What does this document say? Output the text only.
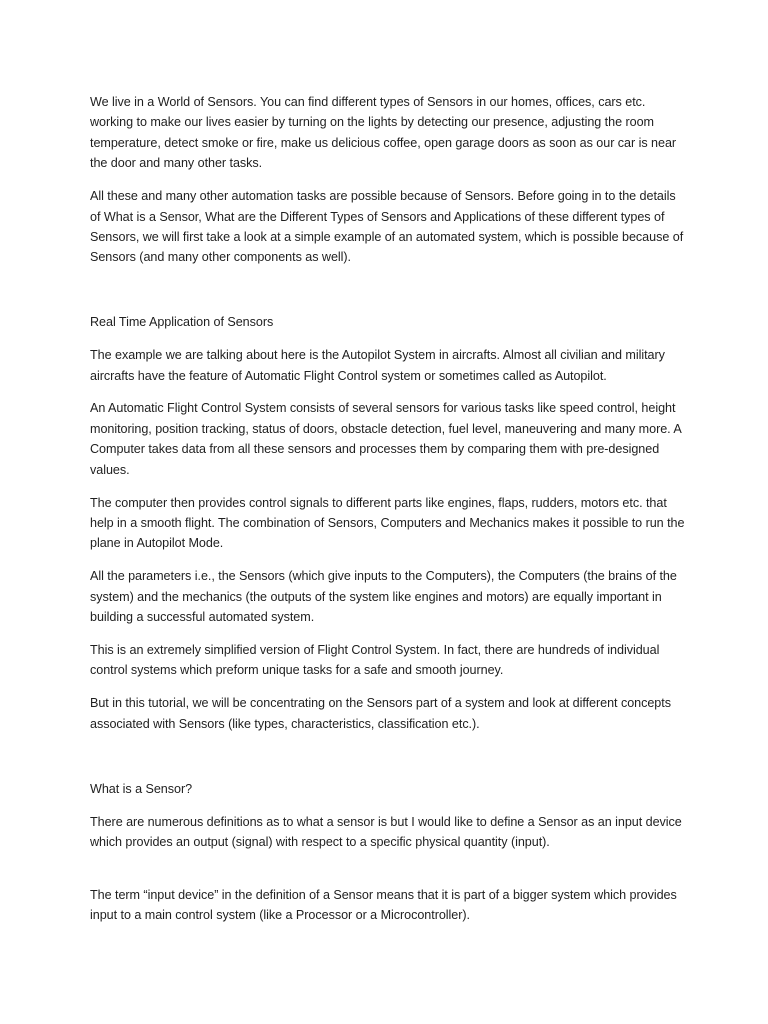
We live in a World of Sensors. You can find different types of Sensors in our homes, offices, cars etc. working to make our lives easier by turning on the lights by detecting our presence, adjusting the room temperature, detect smoke or fire, make us delicious coffee, open garage doors as soon as our car is near the door and many other tasks.

All these and many other automation tasks are possible because of Sensors. Before going in to the details of What is a Sensor, What are the Different Types of Sensors and Applications of these different types of Sensors, we will first take a look at a simple example of an automated system, which is possible because of Sensors (and many other components as well).

Real Time Application of Sensors

The example we are talking about here is the Autopilot System in aircrafts. Almost all civilian and military aircrafts have the feature of Automatic Flight Control system or sometimes called as Autopilot.

An Automatic Flight Control System consists of several sensors for various tasks like speed control, height monitoring, position tracking, status of doors, obstacle detection, fuel level, maneuvering and many more. A Computer takes data from all these sensors and processes them by comparing them with pre-designed values.

The computer then provides control signals to different parts like engines, flaps, rudders, motors etc. that help in a smooth flight. The combination of Sensors, Computers and Mechanics makes it possible to run the plane in Autopilot Mode.

All the parameters i.e., the Sensors (which give inputs to the Computers), the Computers (the brains of the system) and the mechanics (the outputs of the system like engines and motors) are equally important in building a successful automated system.

This is an extremely simplified version of Flight Control System. In fact, there are hundreds of individual control systems which preform unique tasks for a safe and smooth journey.

But in this tutorial, we will be concentrating on the Sensors part of a system and look at different concepts associated with Sensors (like types, characteristics, classification etc.).

What is a Sensor?

There are numerous definitions as to what a sensor is but I would like to define a Sensor as an input device which provides an output (signal) with respect to a specific physical quantity (input).

The term “input device” in the definition of a Sensor means that it is part of a bigger system which provides input to a main control system (like a Processor or a Microcontroller).
